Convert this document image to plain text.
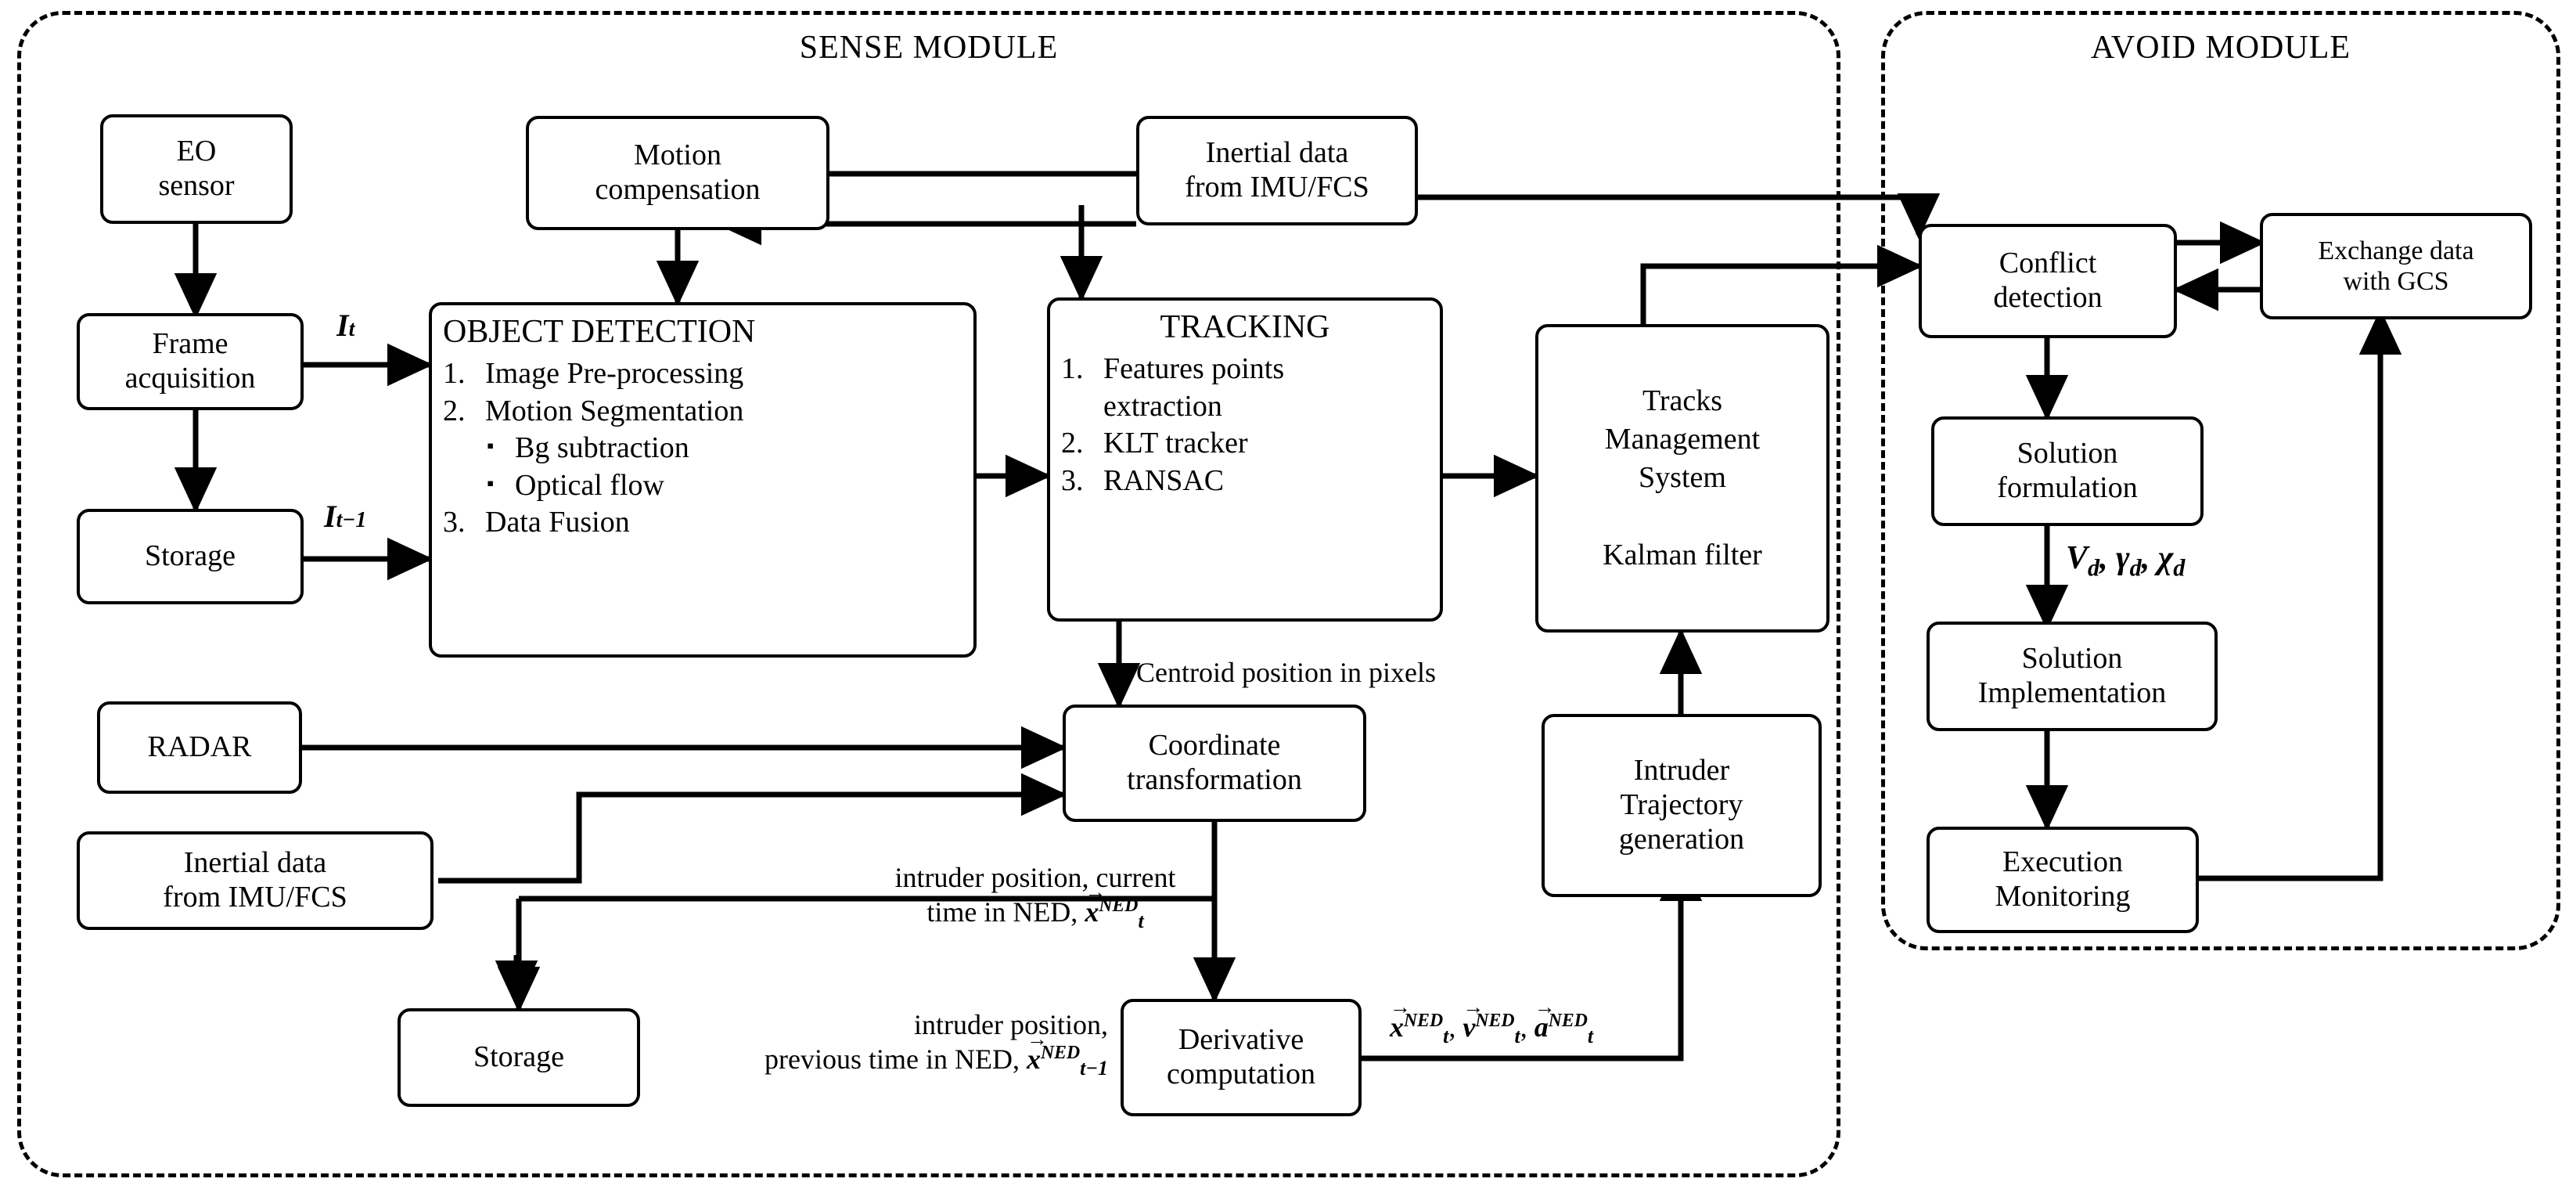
SENSE MODULE	AVOID MODULE
EO
sensor
Frame
acquisition
Storage
RADAR
Inertial data
from IMU/FCS
Motion
compensation
Inertial data
from IMU/FCS
OBJECT DETECTION
1. Image Pre-processing
2. Motion Segmentation
▪ Bg subtraction
▪ Optical flow
3. Data Fusion
TRACKING
1. Features points
extraction
2. KLT tracker
3. RANSAC
Tracks
Management
System

Kalman filter
Coordinate
transformation	Intruder
Trajectory
generation
Storage
Derivative
computation
Conflict
detection
Exchange data
with GCS
Solution
formulation
Solution
Implementation
Execution
Monitoring
It
It−1
Centroid position in pixels
intruder position, current
time in NED, → $x^{NED}_t$
intruder position,
previous time in NED, → $x^{NED}_{t-1}$
→ $x^{NED}_t$, → $v^{NED}_t$, → $a^{NED}_t$
$V_d$, $\gamma_d$, $\chi_d$
